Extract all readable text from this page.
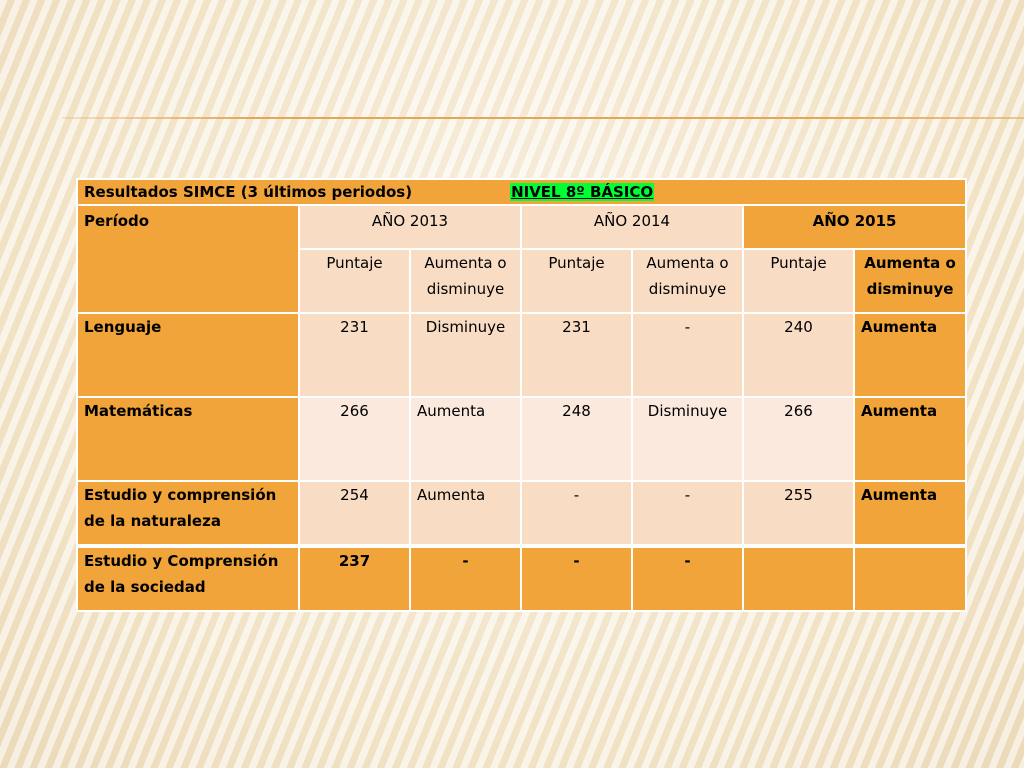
Resultados SIMCE (3 últimos periodos) NIVEL 8º BÁSICO						
Período	AÑO 2013		AÑO 2014		AÑO 2015	
	Puntaje	Aumenta o disminuye	Puntaje	Aumenta o disminuye	Puntaje	Aumenta o disminuye
Lenguaje	231	Disminuye	231	-	240	Aumenta
Matemáticas	266	Aumenta	248	Disminuye	266	Aumenta
Estudio y comprensión de la naturaleza	254	Aumenta	-	-	255	Aumenta
Estudio y Comprensión de la sociedad	237	-	-	-		
